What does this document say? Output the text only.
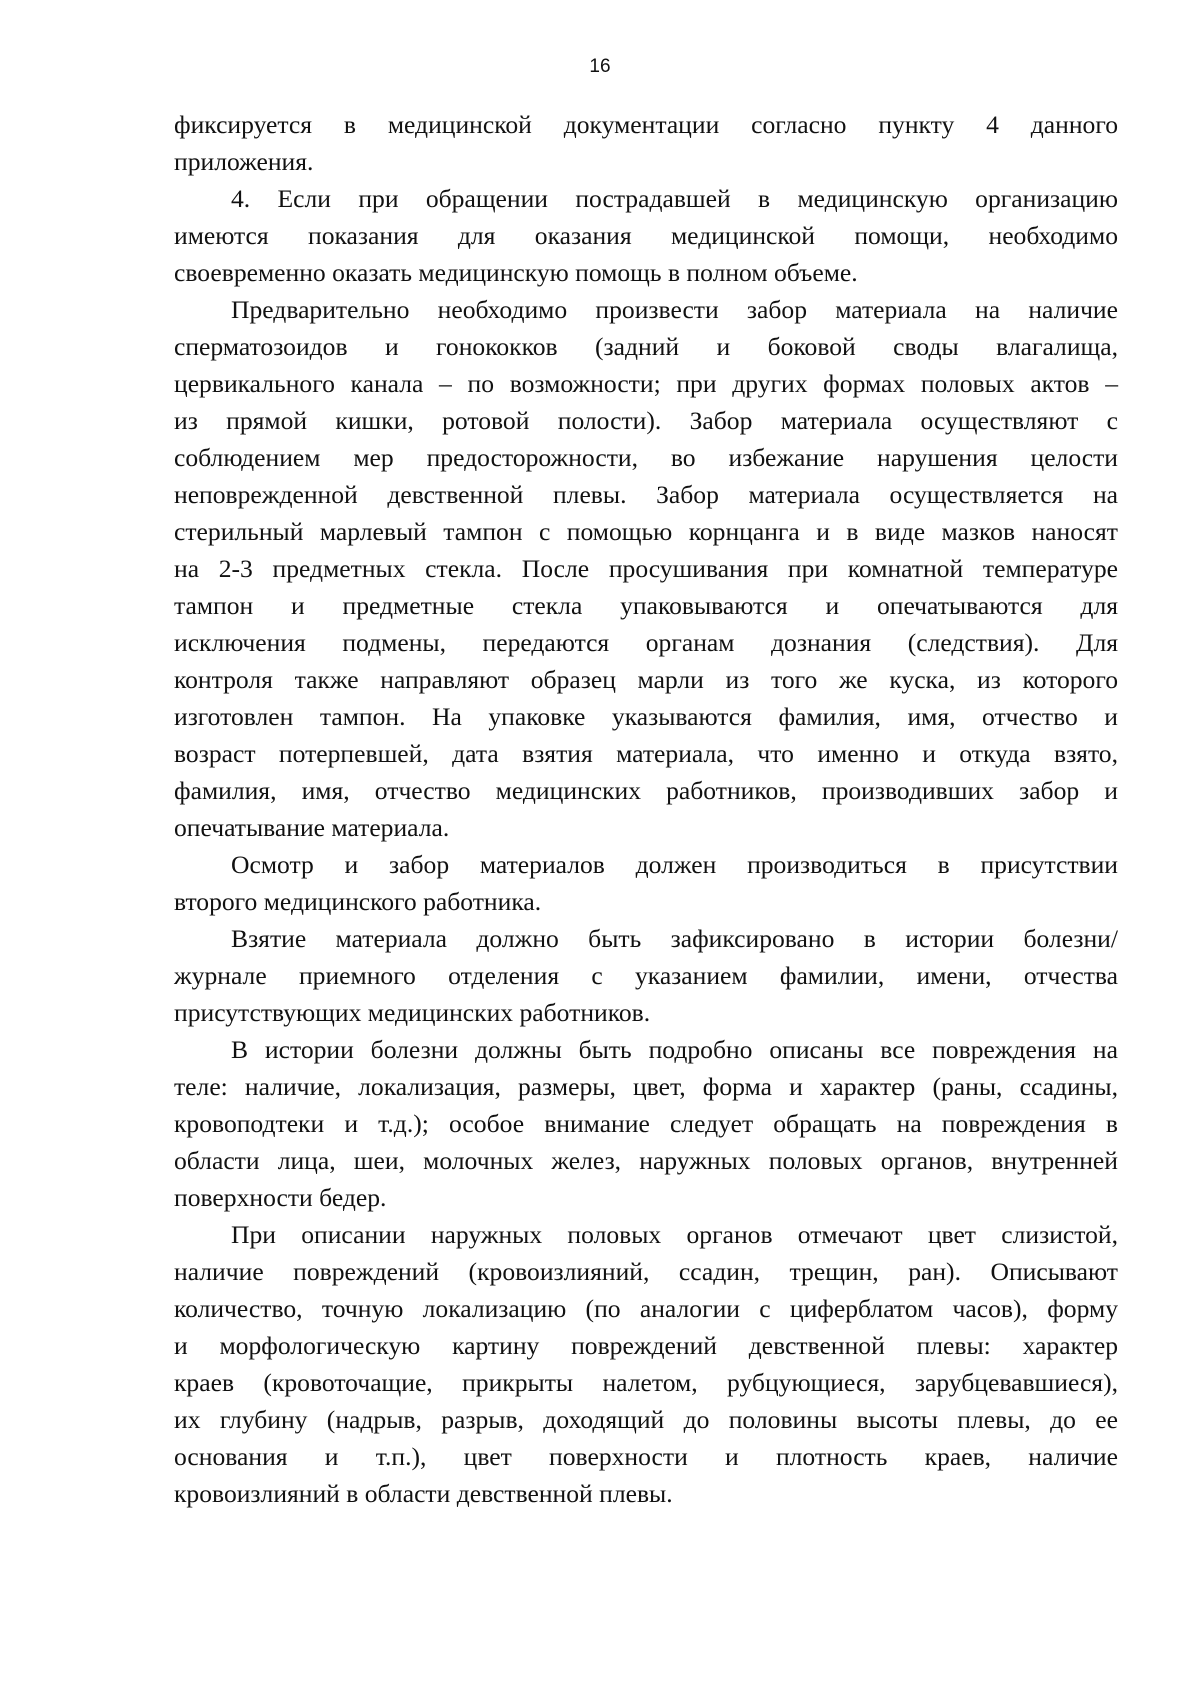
16
фиксируется в медицинской документации согласно пункту 4 данного
приложения.
4. Если при обращении пострадавшей в медицинскую организацию
имеются показания для оказания медицинской помощи, необходимо
своевременно оказать медицинскую помощь в полном объеме.
Предварительно необходимо произвести забор материала на наличие
сперматозоидов и гонококков (задний и боковой своды влагалища,
цервикального канала – по возможности; при других формах половых актов –
из прямой кишки, ротовой полости). Забор материала осуществляют с
соблюдением мер предосторожности, во избежание нарушения целости
неповрежденной девственной плевы. Забор материала осуществляется на
стерильный марлевый тампон с помощью корнцанга и в виде мазков наносят
на 2-3 предметных стекла. После просушивания при комнатной температуре
тампон и предметные стекла упаковываются и опечатываются для
исключения подмены, передаются органам дознания (следствия). Для
контроля также направляют образец марли из того же куска, из которого
изготовлен тампон. На упаковке указываются фамилия, имя, отчество и
возраст потерпевшей, дата взятия материала, что именно и откуда взято,
фамилия, имя, отчество медицинских работников, производивших забор и
опечатывание материала.
Осмотр и забор материалов должен производиться в присутствии
второго медицинского работника.
Взятие материала должно быть зафиксировано в истории болезни/
журнале приемного отделения с указанием фамилии, имени, отчества
присутствующих медицинских работников.
В истории болезни должны быть подробно описаны все повреждения на
теле: наличие, локализация, размеры, цвет, форма и характер (раны, ссадины,
кровоподтеки и т.д.); особое внимание следует обращать на повреждения в
области лица, шеи, молочных желез, наружных половых органов, внутренней
поверхности бедер.
При описании наружных половых органов отмечают цвет слизистой,
наличие повреждений (кровоизлияний, ссадин, трещин, ран). Описывают
количество, точную локализацию (по аналогии с циферблатом часов), форму
и морфологическую картину повреждений девственной плевы: характер
краев (кровоточащие, прикрыты налетом, рубцующиеся, зарубцевавшиеся),
их глубину (надрыв, разрыв, доходящий до половины высоты плевы, до ее
основания и т.п.), цвет поверхности и плотность краев, наличие
кровоизлияний в области девственной плевы.
